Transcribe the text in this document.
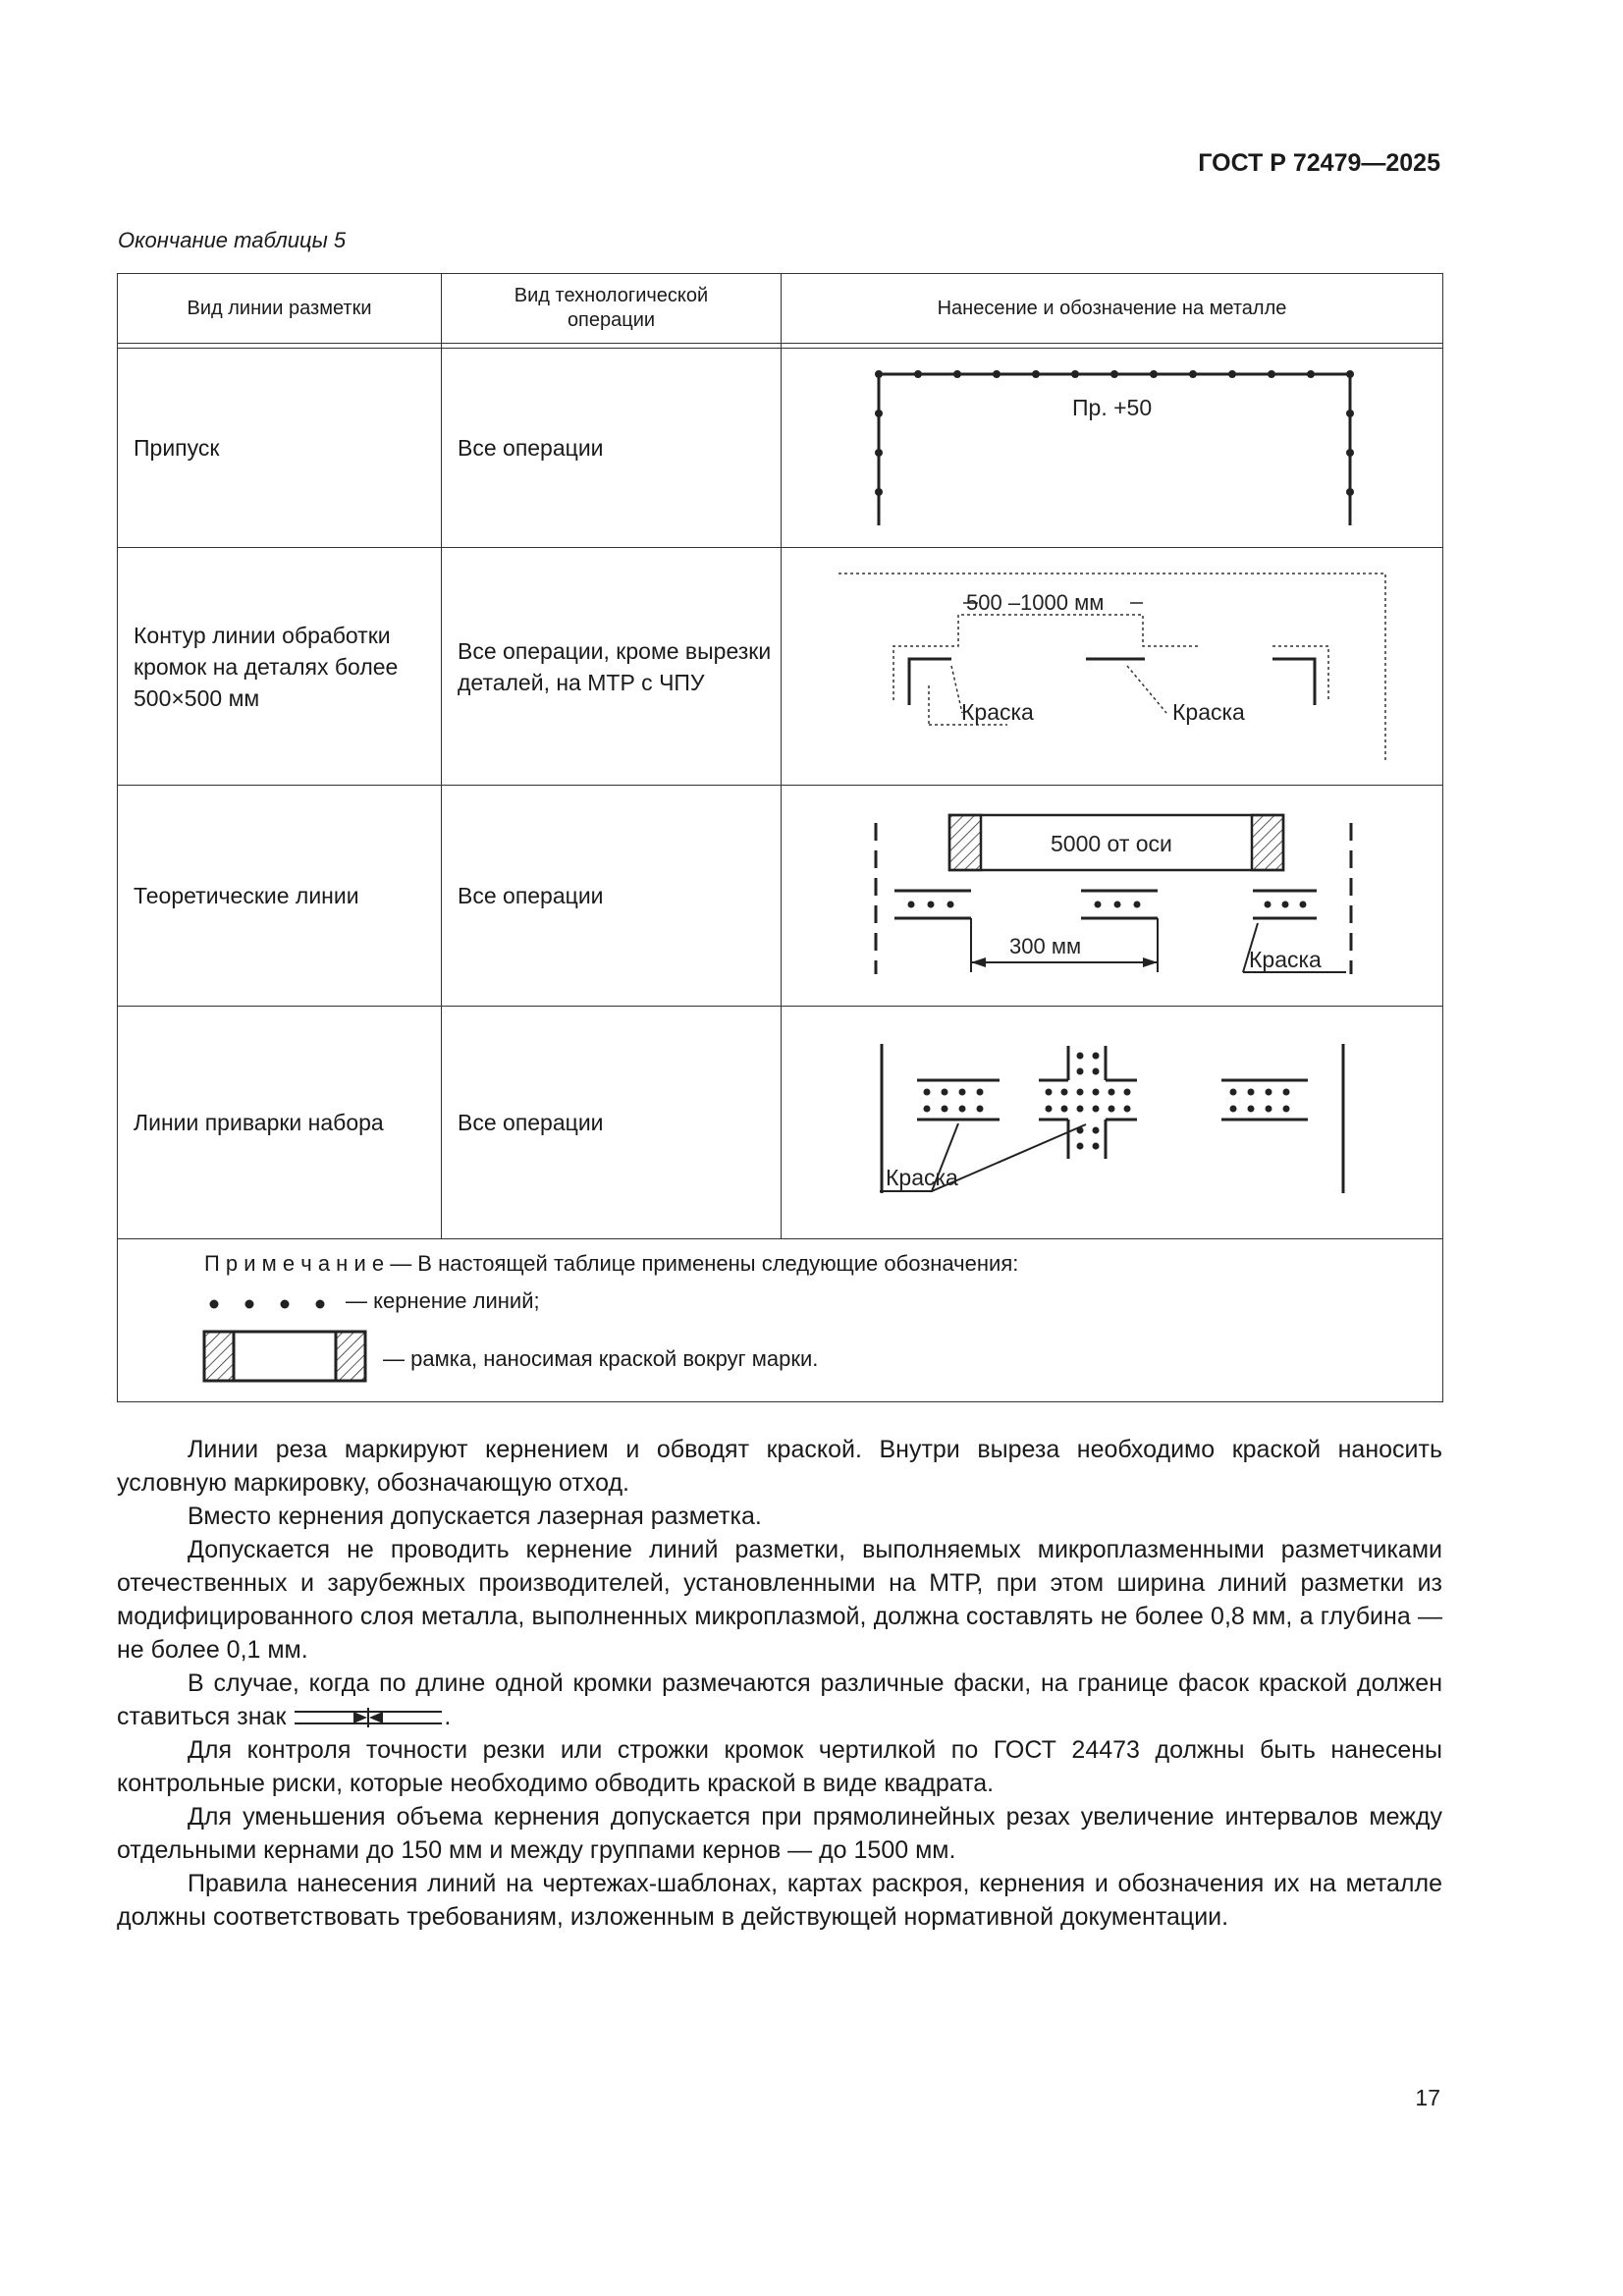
ГОСТ Р 72479—2025
Окончание таблицы 5
Вид линии разметки	Вид технологической операции	Нанесение и обозначение на металле

Припуск	Все операции	Пр. +50

Контур линии обработки кромок на деталях более 500×500 мм	Все операции, кроме вырезки деталей, на МТР с ЧПУ	500 –1000 мм
Краска Краска

Теоретические линии	Все операции	5000 от оси
300 мм
Краска

Линии приварки набора	Все операции	Краска

П р и м е ч а н и е — В настоящей таблице применены следующие обозначения:
— кернение линий;
— рамка, наносимая краской вокруг марки.		

Линии реза маркируют кернением и обводят краской. Внутри выреза необходимо краской наносить условную маркировку, обозначающую отход.

Вместо кернения допускается лазерная разметка.

Допускается не проводить кернение линий разметки, выполняемых микроплазменными разметчиками отечественных и зарубежных производителей, установленными на МТР, при этом ширина линий разметки из модифицированного слоя металла, выполненных микроплазмой, должна составлять не более 0,8 мм, а глубина — не более 0,1 мм.

В случае, когда по длине одной кромки размечаются различные фаски, на границе фасок краской должен ставиться знак	.

Для контроля точности резки или строжки кромок чертилкой по ГОСТ 24473 должны быть нанесены контрольные риски, которые необходимо обводить краской в виде квадрата.

Для уменьшения объема кернения допускается при прямолинейных резах увеличение интервалов между отдельными кернами до 150 мм и между группами кернов — до 1500 мм.

Правила нанесения линий на чертежах-шаблонах, картах раскроя, кернения и обозначения их на металле должны соответствовать требованиям, изложенным в действующей нормативной документации.

17
